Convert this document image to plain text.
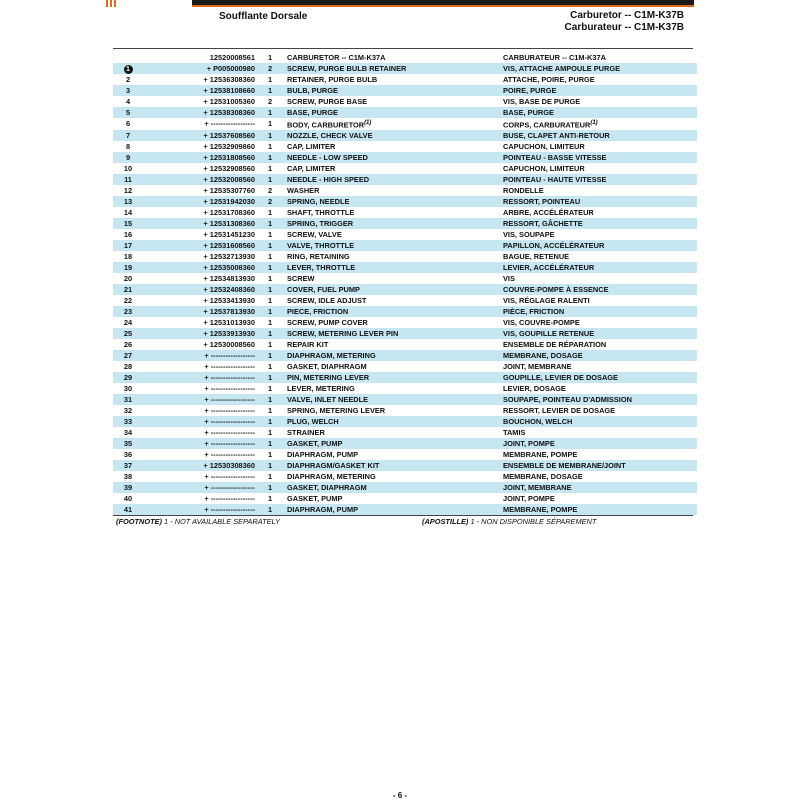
Soufflante Dorsale	Carburetor -- C1M-K37B
Carburateur -- C1M-K37B
	12520008561	1	CARBURETOR -- C1M-K37A	CARBURATEUR -- C1M-K37A
1	+ P005000980	2	SCREW, PURGE BULB RETAINER	VIS, ATTACHE AMPOULE PURGE
2	+ 12536308360	1	RETAINER, PURGE BULB	ATTACHE, POIRE, PURGE
3	+ 12538108660	1	BULB, PURGE	POIRE, PURGE
4	+ 12531005360	2	SCREW, PURGE BASE	VIS, BASE DE PURGE
5	+ 12538308360	1	BASE, PURGE	BASE, PURGE
6	+ ------------------	1	BODY, CARBURETOR$^{(1)}$	CORPS, CARBURATEUR$^{(1)}$
7	+ 12537608560	1	NOZZLE, CHECK VALVE	BUSE, CLAPET ANTI-RETOUR
8	+ 12532909860	1	CAP, LIMITER	CAPUCHON, LIMITEUR
9	+ 12531808560	1	NEEDLE - LOW SPEED	POINTEAU - BASSE VITESSE
10	+ 12532908560	1	CAP, LIMITER	CAPUCHON, LIMITEUR
11	+ 12532008560	1	NEEDLE - HIGH SPEED	POINTEAU - HAUTE VITESSE
12	+ 12535307760	2	WASHER	RONDELLE
13	+ 12531942030	2	SPRING, NEEDLE	RESSORT, POINTEAU
14	+ 12531708360	1	SHAFT, THROTTLE	ARBRE, ACCÉLÉRATEUR
15	+ 12531308360	1	SPRING, TRIGGER	RESSORT, GÂCHETTE
16	+ 12531451230	1	SCREW, VALVE	VIS, SOUPAPE
17	+ 12531608560	1	VALVE, THROTTLE	PAPILLON, ACCÉLÉRATEUR
18	+ 12532713930	1	RING, RETAINING	BAGUE, RETENUE
19	+ 12535008360	1	LEVER, THROTTLE	LEVIER, ACCÉLÉRATEUR
20	+ 12534813930	1	SCREW	VIS
21	+ 12532408360	1	COVER, FUEL PUMP	COUVRE-POMPE À ESSENCE
22	+ 12533413930	1	SCREW, IDLE ADJUST	VIS, RÉGLAGE RALENTI
23	+ 12537813930	1	PIECE, FRICTION	PIÈCE, FRICTION
24	+ 12531013930	1	SCREW, PUMP COVER	VIS, COUVRE-POMPE
25	+ 12533913930	1	SCREW, METERING LEVER PIN	VIS, GOUPILLE RETENUE
26	+ 12530008560	1	REPAIR KIT	ENSEMBLE DE RÉPARATION
27	+ ------------------	1	DIAPHRAGM, METERING	MEMBRANE, DOSAGE
28	+ ------------------	1	GASKET, DIAPHRAGM	JOINT, MEMBRANE
29	+ ------------------	1	PIN, METERING LEVER	GOUPILLE, LEVIER DE DOSAGE
30	+ ------------------	1	LEVER, METERING	LEVIER, DOSAGE
31	+ ------------------	1	VALVE, INLET NEEDLE	SOUPAPE, POINTEAU D'ADMISSION
32	+ ------------------	1	SPRING, METERING LEVER	RESSORT, LEVIER DE DOSAGE
33	+ ------------------	1	PLUG, WELCH	BOUCHON, WELCH
34	+ ------------------	1	STRAINER	TAMIS
35	+ ------------------	1	GASKET, PUMP	JOINT, POMPE
36	+ ------------------	1	DIAPHRAGM, PUMP	MEMBRANE, POMPE
37	+ 12530308360	1	DIAPHRAGM/GASKET KIT	ENSEMBLE DE MEMBRANE/JOINT
38	+ ------------------	1	DIAPHRAGM, METERING	MEMBRANE, DOSAGE
39	+ ------------------	1	GASKET, DIAPHRAGM	JOINT, MEMBRANE
40	+ ------------------	1	GASKET, PUMP	JOINT, POMPE
41	+ ------------------	1	DIAPHRAGM, PUMP	MEMBRANE, POMPE
(FOOTNOTE) 1 - NOT AVAILABLE SEPARATELY	(APOSTILLE) 1 - NON DISPONIBLE SÉPAREMENT
- 6 -
